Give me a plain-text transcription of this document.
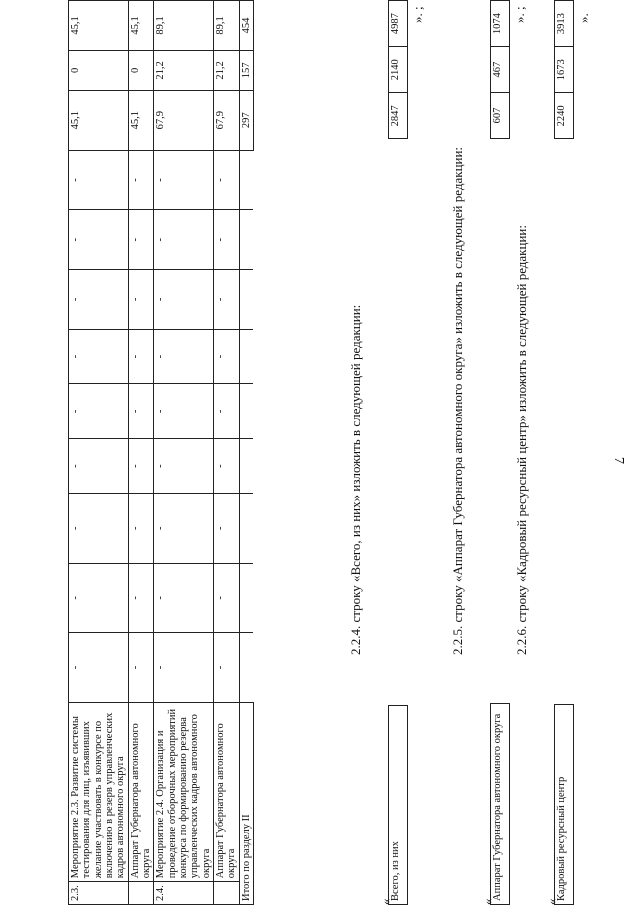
7
2.3.	Мероприятие 2.3. Развитие системы тестирования для лиц, изъявивших желание участвовать в конкурсе по включению в резерв управленческих кадров автономного округа	-	-	-	-	-	-	-	-	-	45,1	0	45,1
	Аппарат Губернатора автономного округа	-	-	-	-	-	-	-	-	-	45,1	0	45,1
2.4.	Мероприятие 2.4. Организация и проведение отборочных мероприятий конкурса по формированию резерва управленческих кадров автономного округа	-	-	-	-	-	-	-	-	-	67,9	21,2	89,1
	Аппарат Губернатора автономного округа	-	-	-	-	-	-	-	-	-	67,9	21,2	89,1
Итого по разделу II											297	157	454
2.2.4. строку «Всего, из них» изложить в следующей редакции:
«
Всего, из них		2847	2140	4987 ».
;
2.2.5. строку «Аппарат Губернатора автономного округа» изложить в следующей редакции:
«
Аппарат Губернатора автономного округа		607	467	1074 ».
;
2.2.6. строку «Кадровый ресурсный центр» изложить в следующей редакции:
«
Кадровый ресурсный центр		2240	1673	3913 ».
